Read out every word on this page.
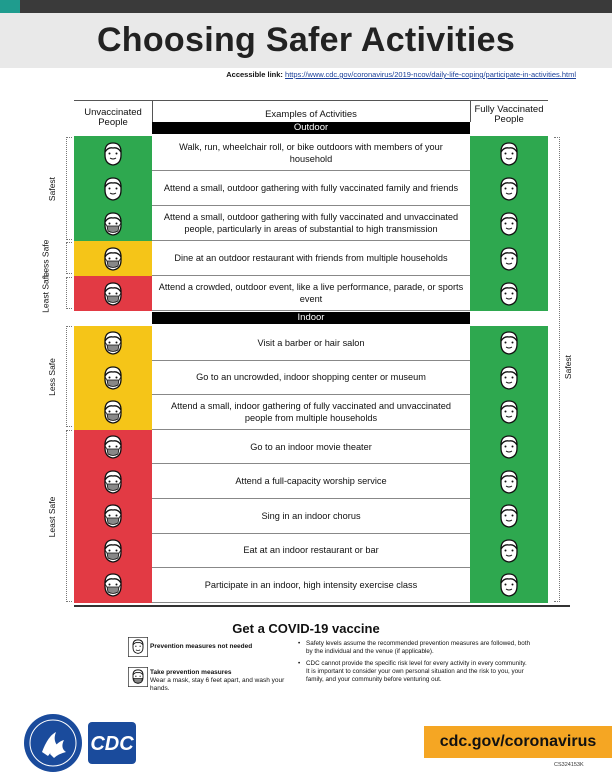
Choosing Safer Activities
Accessible link: https://www.cdc.gov/coronavirus/2019-ncov/daily-life-coping/participate-in-activities.html
Unvaccinated People
Examples of Activities	Fully Vaccinated People
Outdoor
Indoor
Walk, run, wheelchair roll, or bike outdoors with members of your household
Attend a small, outdoor gathering with fully vaccinated family and friends
Attend a small, outdoor gathering with fully vaccinated and unvaccinated people, particularly in areas of substantial to high transmission
Dine at an outdoor restaurant with friends from multiple households
Attend a crowded, outdoor event, like a live performance, parade, or sports event
Visit a barber or hair salon
Go to an uncrowded, indoor shopping center or museum
Attend a small, indoor gathering of fully vaccinated and unvaccinated people from multiple households
Go to an indoor movie theater
Attend a full-capacity worship service
Sing in an indoor chorus
Eat at an indoor restaurant or bar
Participate in an indoor, high intensity exercise class
Safest
Less Safe
Least Safe
Less Safe
Least Safe
Safest
Get a COVID-19 vaccine
Prevention measures not needed
Take prevention measures
Wear a mask, stay 6 feet apart, and wash your hands.
• Safety levels assume the recommended prevention measures are followed, both by the individual and the venue (if applicable).
• CDC cannot provide the specific risk level for every activity in every community. It is important to consider your own personal situation and the risk to you, your family, and your community before venturing out.
CDC	cdc.gov/coronavirus
CS324153K
